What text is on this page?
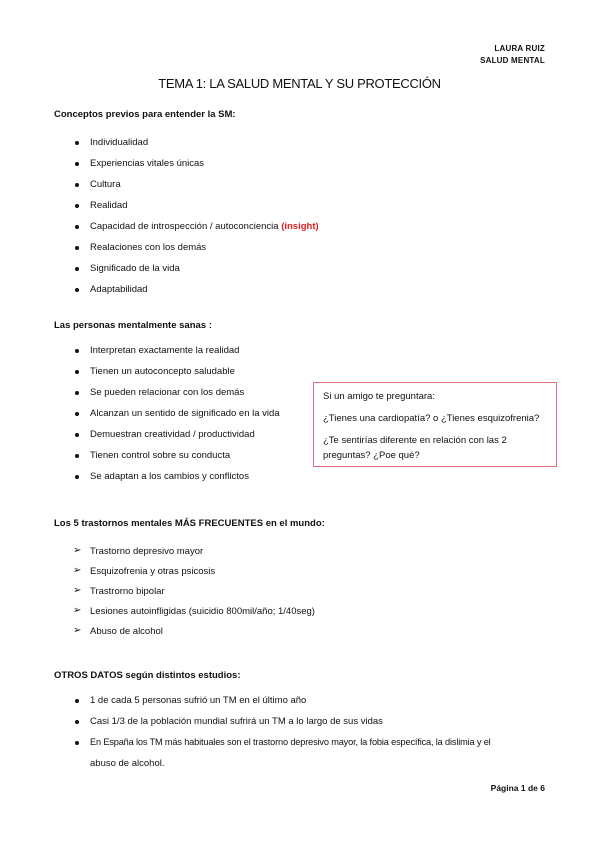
LAURA RUIZ
SALUD MENTAL
TEMA 1: LA SALUD MENTAL Y SU PROTECCIÓN
Conceptos previos para entender la SM:
Individualidad
Experiencias vitales únicas
Cultura
Realidad
Capacidad de introspección / autoconciencia (insight)
Realaciones con los demás
Significado de la vida
Adaptabilidad
Las personas mentalmente sanas :
Interpretan exactamente la realidad
Tienen un autoconcepto saludable
Se pueden relacionar con los demás
Alcanzan un sentido de significado en la vida
Demuestran creatividad / productividad
Tienen control sobre su conducta
Se adaptan a los cambios y conflictos
Si un amigo te preguntara:
¿Tienes una cardiopatía? o ¿Tienes esquizofrenia?
¿Te sentirías diferente en relación con las 2
preguntas? ¿Poe qué?
Los 5 trastornos mentales MÁS FRECUENTES en el mundo:
➢ Trastorno depresivo mayor
➢ Esquizofrenia y otras psicosis
➢ Trastrorno bipolar
➢ Lesiones autoinfligidas (suicidio 800mil/año; 1/40seg)
➢ Abuso de alcohol
OTROS DATOS según distintos estudios:
1 de cada 5 personas sufrió un TM en el último año
Casi 1/3 de la población mundial sufrirá un TM a lo largo de sus vidas
En España los TM más habituales son el trastorno depresivo mayor, la fobia específica, la dislimia y el
abuso de alcohol.
Página 1 de 6
